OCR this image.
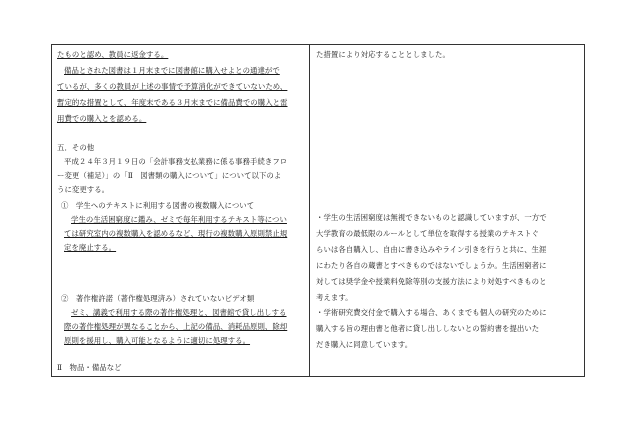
たものと認め、教員に返金する。
備品とされた図書は１月末までに図書館に購入せよとの通達がで
ているが、多くの教員が上述の事情で予算消化ができていないため、
暫定的な措置として、年度末である３月末までに備品費での購入と雷
用費での購入とを認める。
五．その他
平成２４年３月１９日の「会計事務支払業務に係る事務手続きフロ
ー変更（補足）」の「Ⅱ　図書類の購入について」について以下のよ
うに変更する。
①　学生へのテキストに利用する図書の複数購入について
学生の生活困窮度に鑑み、ゼミで毎年利用するテキスト等につい
ては研究室内の複数購入を認めるなど、現行の複数購入原則禁止規
定を廃止する。
②　著作権許諾（著作権処理済み）されていないビデオ類
ゼミ、講義で利用する際の著作権処理と、図書館で貸し出しする
際の著作権処理が異なることから、上記の備品、消耗品原則、除却
原則を援用し、購入可能となるように適切に処理する。
Ⅱ　物品・備品など
た措置により対応することとしました。
・学生の生活困窮度は無視できないものと認識していますが、一方で
大学教育の最低限のルールとして単位を取得する授業のテキストぐ
らいは各自購入し、自由に書き込みやライン引きを行うと共に、生涯
にわたり各自の蔵書とすべきものではないでしょうか。生活困窮者に
対しては奨学金や授業料免除等別の支援方法により対処すべきものと
考えます。
・学術研究費交付金で購入する場合、あくまでも個人の研究のために
購入する旨の理由書と他者に貸し出ししないとの誓約書を提出いた
だき購入に同意しています。
